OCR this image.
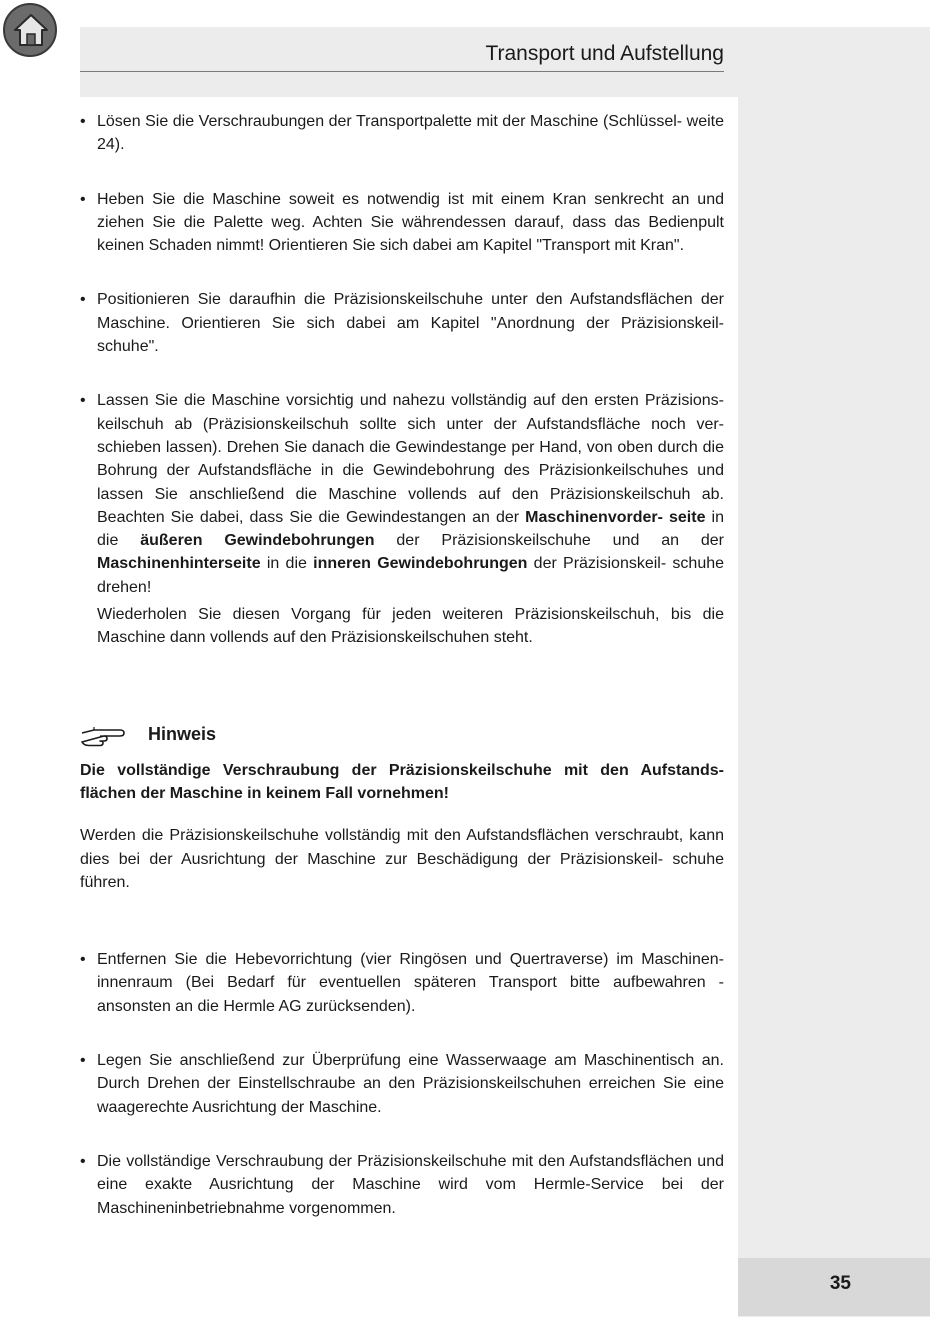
Transport und Aufstellung

• Lösen Sie die Verschraubungen der Transportpalette mit der Maschine (Schlüssel- weite 24).

• Heben Sie die Maschine soweit es notwendig ist mit einem Kran senkrecht an und ziehen Sie die Palette weg. Achten Sie währendessen darauf, dass das Bedienpult keinen Schaden nimmt! Orientieren Sie sich dabei am Kapitel "Transport mit Kran".

• Positionieren Sie daraufhin die Präzisionskeilschuhe unter den Aufstandsflächen der Maschine. Orientieren Sie sich dabei am Kapitel "Anordnung der Präzisionskeil- schuhe".

• Lassen Sie die Maschine vorsichtig und nahezu vollständig auf den ersten Präzisions- keilschuh ab (Präzisionskeilschuh sollte sich unter der Aufstandsfläche noch ver- schieben lassen). Drehen Sie danach die Gewindestange per Hand, von oben durch die Bohrung der Aufstandsfläche in die Gewindebohrung des Präzisionkeilschuhes und lassen Sie anschließend die Maschine vollends auf den Präzisionskeilschuh ab. Beachten Sie dabei, dass Sie die Gewindestangen an der Maschinenvorder- seite in die äußeren Gewindebohrungen der Präzisionskeilschuhe und an der Maschinenhinterseite in die inneren Gewindebohrungen der Präzisionskeil- schuhe drehen!

Wiederholen Sie diesen Vorgang für jeden weiteren Präzisionskeilschuh, bis die Maschine dann vollends auf den Präzisionskeilschuhen steht.

Hinweis

Die vollständige Verschraubung der Präzisionskeilschuhe mit den Aufstands- flächen der Maschine in keinem Fall vornehmen!

Werden die Präzisionskeilschuhe vollständig mit den Aufstandsflächen verschraubt, kann dies bei der Ausrichtung der Maschine zur Beschädigung der Präzisionskeil- schuhe führen.

• Entfernen Sie die Hebevorrichtung (vier Ringösen und Quertraverse) im Maschinen- innenraum (Bei Bedarf für eventuellen späteren Transport bitte aufbewahren - ansonsten an die Hermle AG zurücksenden).

• Legen Sie anschließend zur Überprüfung eine Wasserwaage am Maschinentisch an. Durch Drehen der Einstellschraube an den Präzisionskeilschuhen erreichen Sie eine waagerechte Ausrichtung der Maschine.

• Die vollständige Verschraubung der Präzisionskeilschuhe mit den Aufstandsflächen und eine exakte Ausrichtung der Maschine wird vom Hermle-Service bei der Maschineninbetriebnahme vorgenommen.

35
